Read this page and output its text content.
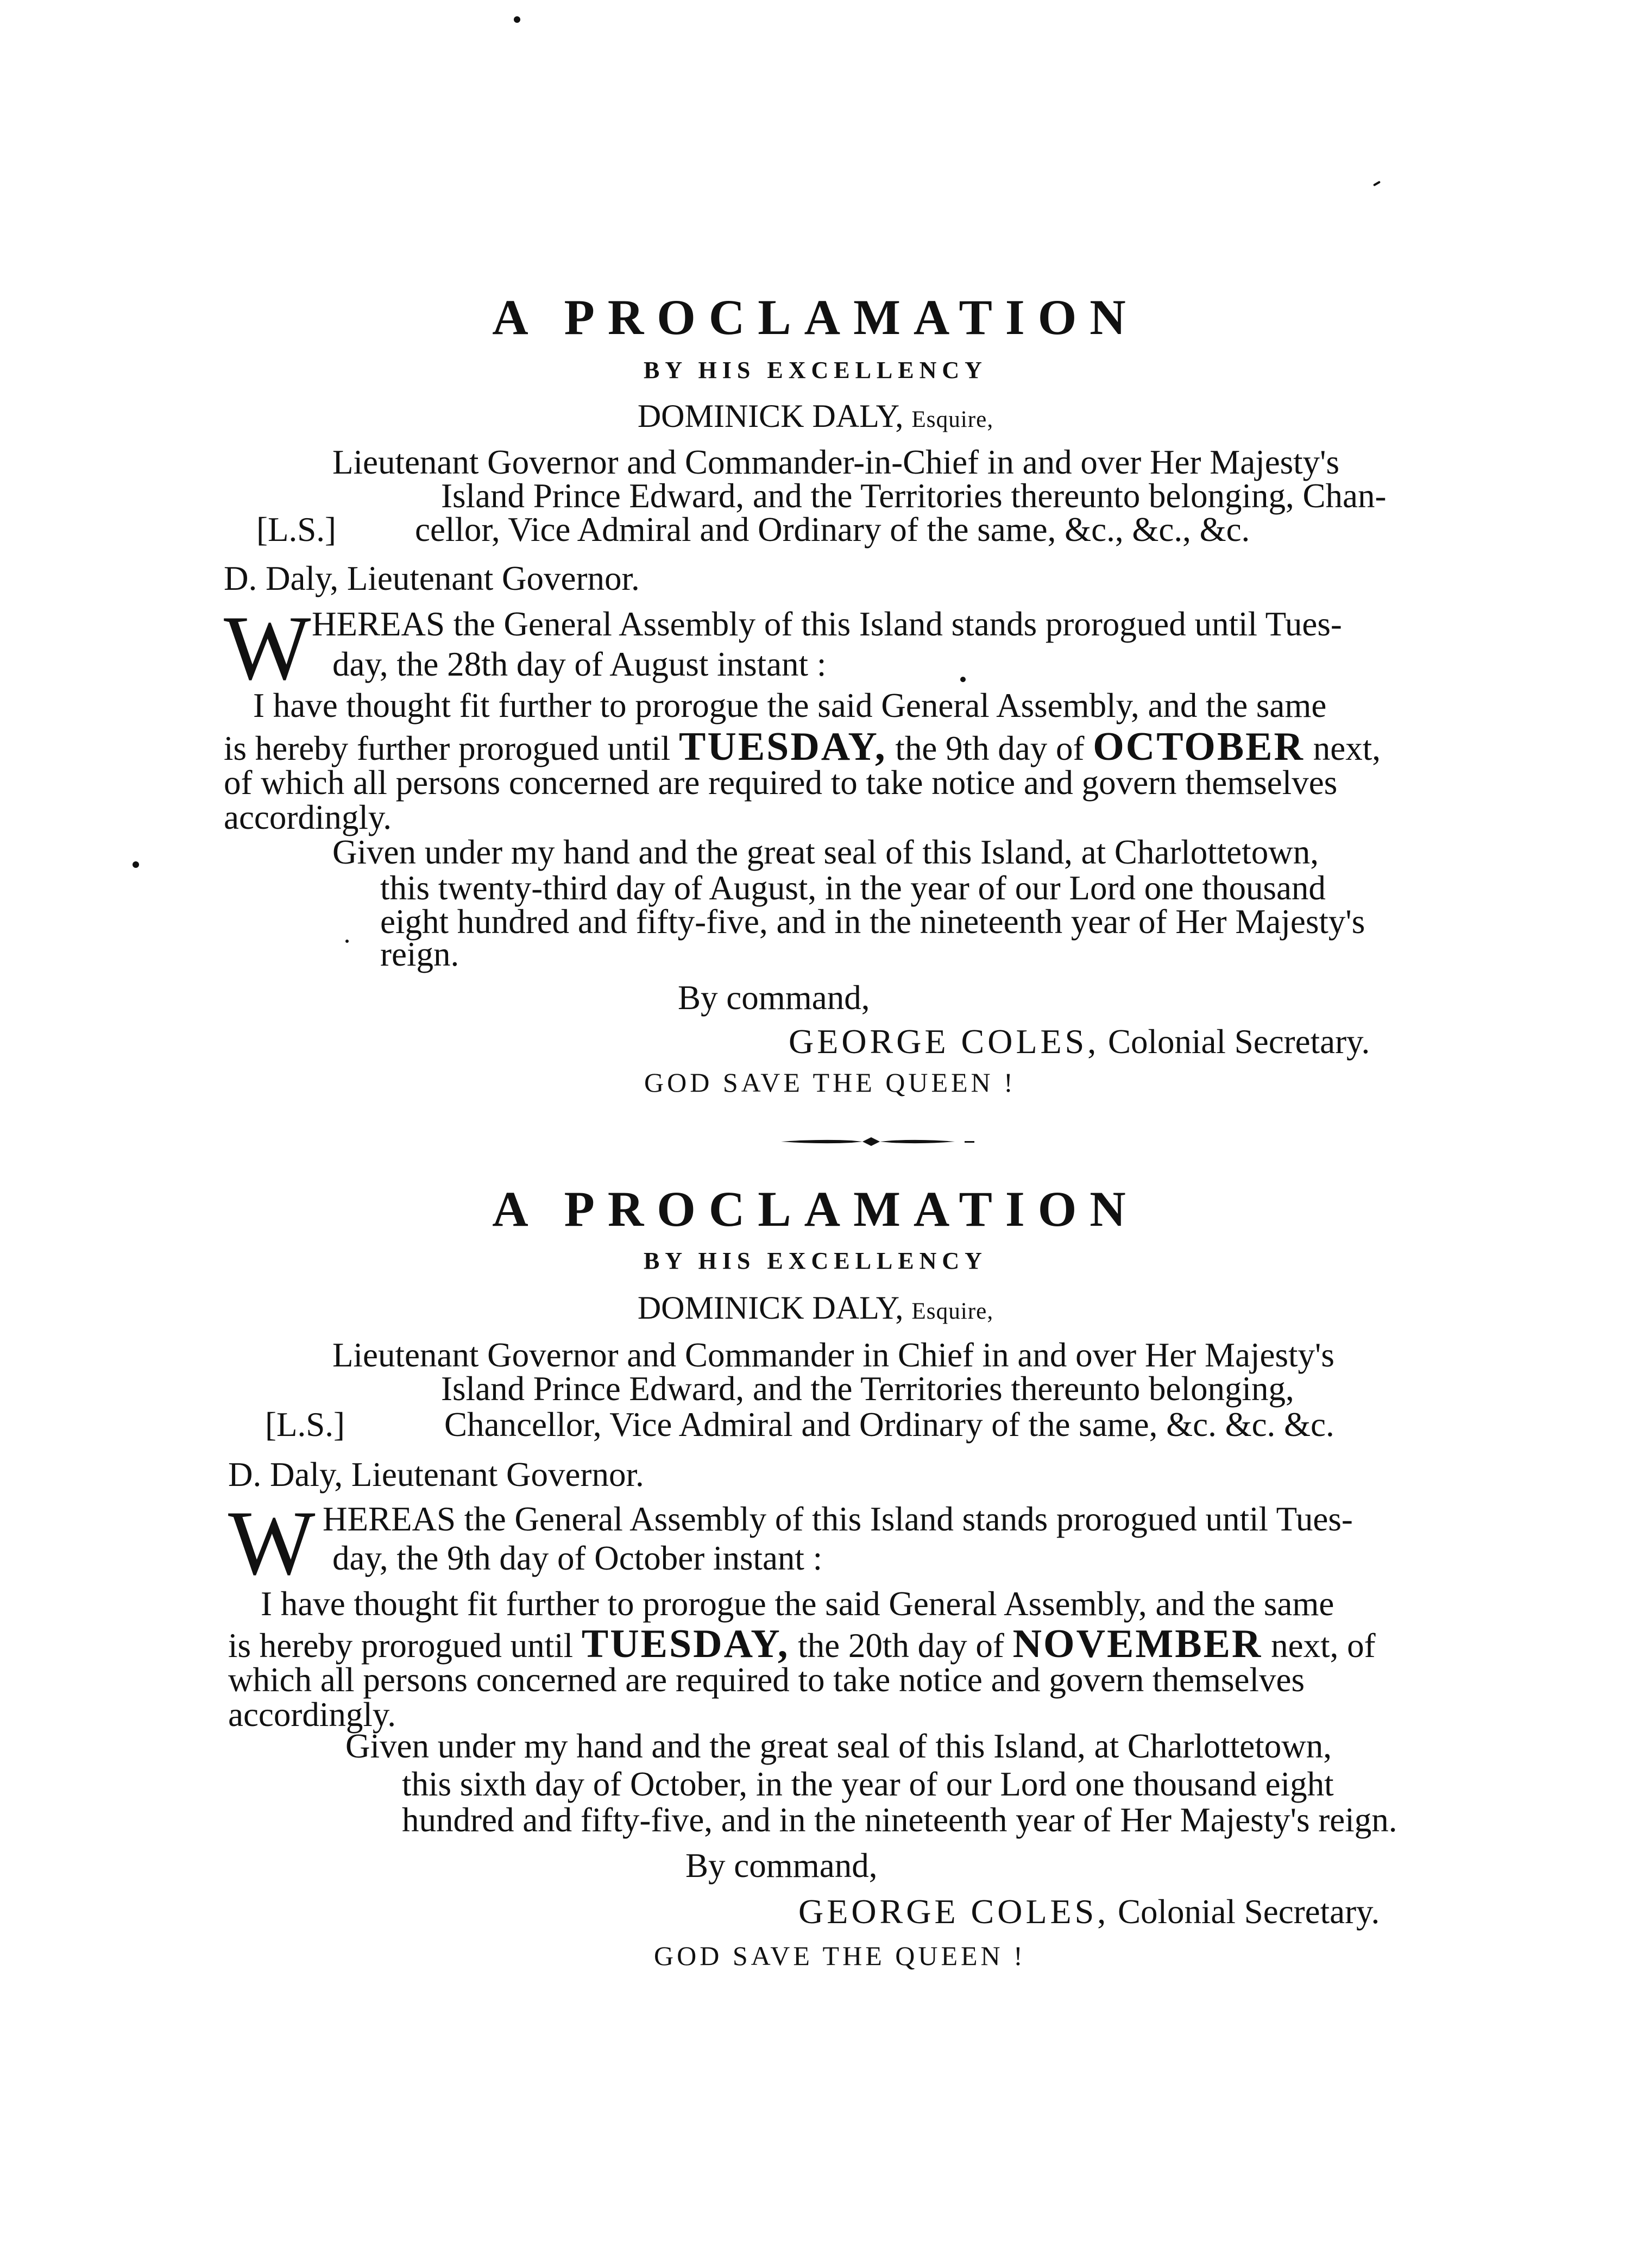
A PROCLAMATION
BY HIS EXCELLENCY
DOMINICK DALY, Esquire,
Lieutenant Governor and Commander-in-Chief in and over Her Majesty's
Island Prince Edward, and the Territories thereunto belonging, Chan-
[L.S.] cellor, Vice Admiral and Ordinary of the same, &c., &c., &c.
D. Daly, Lieutenant Governor.
W HEREAS the General Assembly of this Island stands prorogued until Tues-
day, the 28th day of August instant :
I have thought fit further to prorogue the said General Assembly, and the same
is hereby further prorogued until TUESDAY, the 9th day of OCTOBER next,
of which all persons concerned are required to take notice and govern themselves
accordingly.
Given under my hand and the great seal of this Island, at Charlottetown,
this twenty-third day of August, in the year of our Lord one thousand
eight hundred and fifty-five, and in the nineteenth year of Her Majesty's
reign.
By command,
GEORGE COLES, Colonial Secretary.
GOD SAVE THE QUEEN !
A PROCLAMATION
BY HIS EXCELLENCY
DOMINICK DALY, Esquire,
Lieutenant Governor and Commander in Chief in and over Her Majesty's
Island Prince Edward, and the Territories thereunto belonging,
[L.S.]	Chancellor, Vice Admiral and Ordinary of the same, &c. &c. &c.
D. Daly, Lieutenant Governor.
W HEREAS the General Assembly of this Island stands prorogued until Tues-
day, the 9th day of October instant :
I have thought fit further to prorogue the said General Assembly, and the same
is hereby prorogued until TUESDAY, the 20th day of NOVEMBER next, of
which all persons concerned are required to take notice and govern themselves
accordingly.
Given under my hand and the great seal of this Island, at Charlottetown,
this sixth day of October, in the year of our Lord one thousand eight
hundred and fifty-five, and in the nineteenth year of Her Majesty's reign.
By command,
GEORGE COLES, Colonial Secretary.
GOD SAVE THE QUEEN !
